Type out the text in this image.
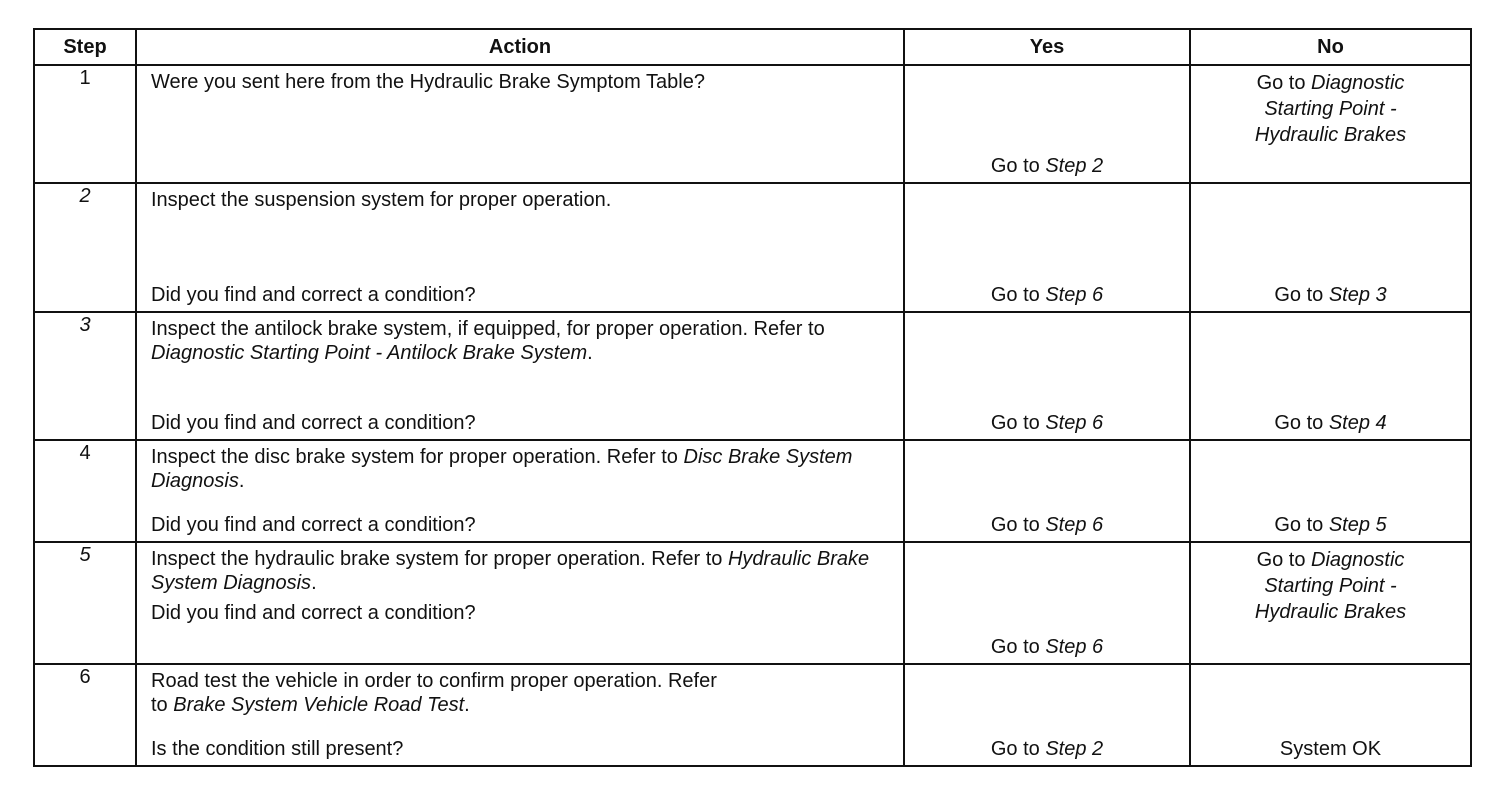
Step	Action	Yes	No
1	Were you sent here from the Hydraulic Brake Symptom Table?	Go to Step 2	Go to Diagnostic
Starting Point -
Hydraulic Brakes

2	Inspect the suspension system for proper operation.
Did you find and correct a condition?	Go to Step 6	Go to Step 3

3	Inspect the antilock brake system, if equipped, for proper operation. Refer to Diagnostic Starting Point - Antilock Brake System.
Did you find and correct a condition?	Go to Step 6	Go to Step 4

4	Inspect the disc brake system for proper operation. Refer to Disc Brake System Diagnosis.
Did you find and correct a condition?	Go to Step 6	Go to Step 5

5	Inspect the hydraulic brake system for proper operation. Refer to Hydraulic Brake System Diagnosis.
Did you find and correct a condition?	Go to Step 6	Go to Diagnostic
Starting Point -
Hydraulic Brakes

6	Road test the vehicle in order to confirm proper operation. Refer
to Brake System Vehicle Road Test.
Is the condition still present?	Go to Step 2	System OK
